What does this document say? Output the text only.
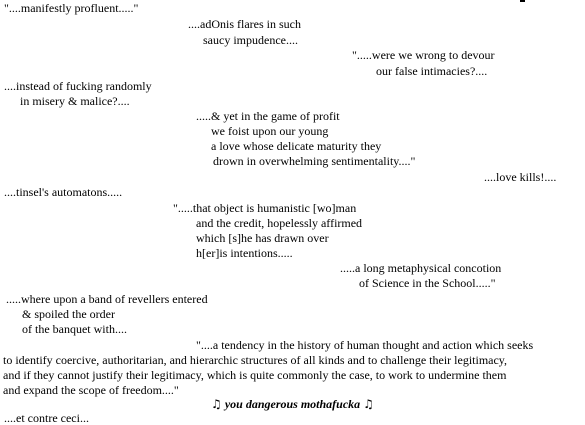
"....manifestly profluent....."
....adOnis flares in such
saucy impudence....
".....were we wrong to devour
our false intimacies?....
....instead of fucking randomly
in misery & malice?....
.....& yet in the game of profit
we foist upon our young
a love whose delicate maturity they
drown in overwhelming sentimentality...."
....love kills!....
....tinsel's automatons.....
".....that object is humanistic [wo]man
and the credit, hopelessly affirmed
which [s]he has drawn over
h[er]is intentions.....
.....a long metaphysical concotion
of Science in the School....."
.....where upon a band of revellers entered
& spoiled the order
of the banquet with....
"....a tendency in the history of human thought and action which seeks
to identify coercive, authoritarian, and hierarchic structures of all kinds and to challenge their legitimacy,
and if they cannot justify their legitimacy, which is quite commonly the case, to work to undermine them
and expand the scope of freedom...."
♫ you dangerous mothafucka ♫
....et contre ceci...
